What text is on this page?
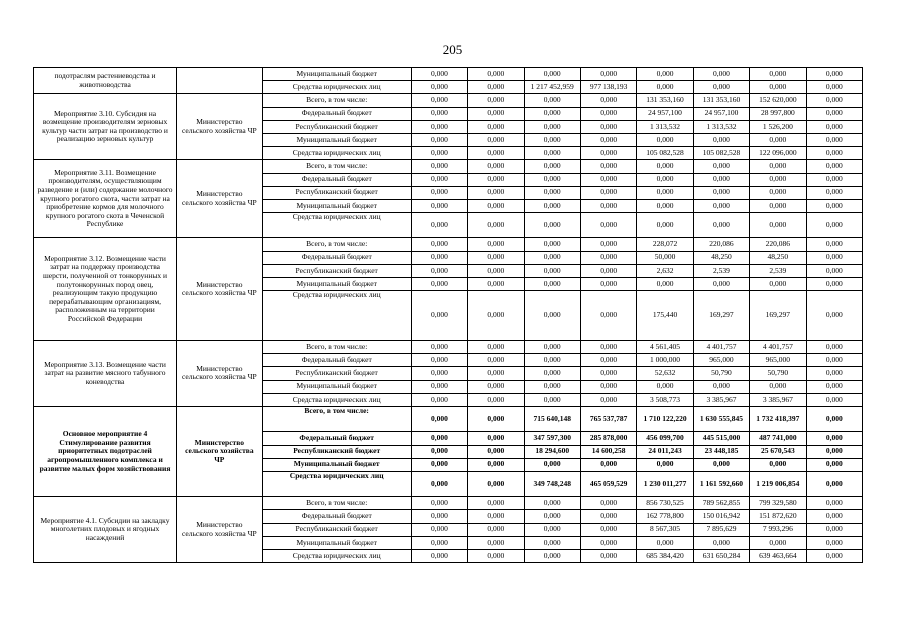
205
подотраслям растениеводства и животноводства		Муниципальный бюджет	0,000	0,000	0,000	0,000	0,000	0,000	0,000	0,000
		Средства юридических лиц	0,000	0,000	1 217 452,959	977 138,193	0,000	0,000	0,000	0,000
Мероприятие 3.10. Субсидия на возмещение производителям зерновых культур части затрат на производство и реализацию зерновых культур	Министерство сельского хозяйства ЧР	Всего, в том числе:	0,000	0,000	0,000	0,000	131 353,160	131 353,160	152 620,000	0,000
		Федеральный бюджет	0,000	0,000	0,000	0,000	24 957,100	24 957,100	28 997,800	0,000
		Республиканский бюджет	0,000	0,000	0,000	0,000	1 313,532	1 313,532	1 526,200	0,000
		Муниципальный бюджет	0,000	0,000	0,000	0,000	0,000	0,000	0,000	0,000
		Средства юридических лиц	0,000	0,000	0,000	0,000	105 082,528	105 082,528	122 096,000	0,000
Мероприятие 3.11. Возмещение производителям, осуществляющим разведение и (или) содержание молочного крупного рогатого скота, части затрат на приобретение кормов для молочного крупного рогатого скота в Чеченской Республике	Министерство сельского хозяйства ЧР	Всего, в том числе:	0,000	0,000	0,000	0,000	0,000	0,000	0,000	0,000
		Федеральный бюджет	0,000	0,000	0,000	0,000	0,000	0,000	0,000	0,000
		Республиканский бюджет	0,000	0,000	0,000	0,000	0,000	0,000	0,000	0,000
		Муниципальный бюджет	0,000	0,000	0,000	0,000	0,000	0,000	0,000	0,000
		Средства юридических лиц	0,000	0,000	0,000	0,000	0,000	0,000	0,000	0,000
Мероприятие 3.12. Возмещение части затрат на поддержку производства шерсти, полученной от тонкорунных и полутонкорунных пород овец, реализующим такую продукцию перерабатывающим организациям, расположенным на территории Российской Федерации	Министерство сельского хозяйства ЧР	Всего, в том числе:	0,000	0,000	0,000	0,000	228,072	220,086	220,086	0,000
		Федеральный бюджет	0,000	0,000	0,000	0,000	50,000	48,250	48,250	0,000
		Республиканский бюджет	0,000	0,000	0,000	0,000	2,632	2,539	2,539	0,000
		Муниципальный бюджет	0,000	0,000	0,000	0,000	0,000	0,000	0,000	0,000
		Средства юридических лиц	0,000	0,000	0,000	0,000	175,440	169,297	169,297	0,000
Мероприятие 3.13. Возмещение части затрат на развитие мясного табунного коневодства	Министерство сельского хозяйства ЧР	Всего, в том числе:	0,000	0,000	0,000	0,000	4 561,405	4 401,757	4 401,757	0,000
		Федеральный бюджет	0,000	0,000	0,000	0,000	1 000,000	965,000	965,000	0,000
		Республиканский бюджет	0,000	0,000	0,000	0,000	52,632	50,790	50,790	0,000
		Муниципальный бюджет	0,000	0,000	0,000	0,000	0,000	0,000	0,000	0,000
		Средства юридических лиц	0,000	0,000	0,000	0,000	3 508,773	3 385,967	3 385,967	0,000
Основное мероприятие 4 Стимулирование развития приоритетных подотраслей агропромышленного комплекса и развитие малых форм хозяйствования	Министерство сельского хозяйства ЧР	Всего, в том числе:	0,000	0,000	715 640,148	765 537,787	1 710 122,220	1 630 555,845	1 732 418,397	0,000
		Федеральный бюджет	0,000	0,000	347 597,300	285 878,000	456 099,700	445 515,000	487 741,000	0,000
		Республиканский бюджет	0,000	0,000	18 294,600	14 600,258	24 011,243	23 448,185	25 670,543	0,000
		Муниципальный бюджет	0,000	0,000	0,000	0,000	0,000	0,000	0,000	0,000
		Средства юридических лиц	0,000	0,000	349 748,248	465 059,529	1 230 011,277	1 161 592,660	1 219 006,854	0,000
Мероприятие 4.1. Субсидии на закладку многолетних плодовых и ягодных насаждений	Министерство сельского хозяйства ЧР	Всего, в том числе:	0,000	0,000	0,000	0,000	856 730,525	789 562,855	799 329,580	0,000
		Федеральный бюджет	0,000	0,000	0,000	0,000	162 778,800	150 016,942	151 872,620	0,000
		Республиканский бюджет	0,000	0,000	0,000	0,000	8 567,305	7 895,629	7 993,296	0,000
		Муниципальный бюджет	0,000	0,000	0,000	0,000	0,000	0,000	0,000	0,000
		Средства юридических лиц	0,000	0,000	0,000	0,000	685 384,420	631 650,284	639 463,664	0,000
